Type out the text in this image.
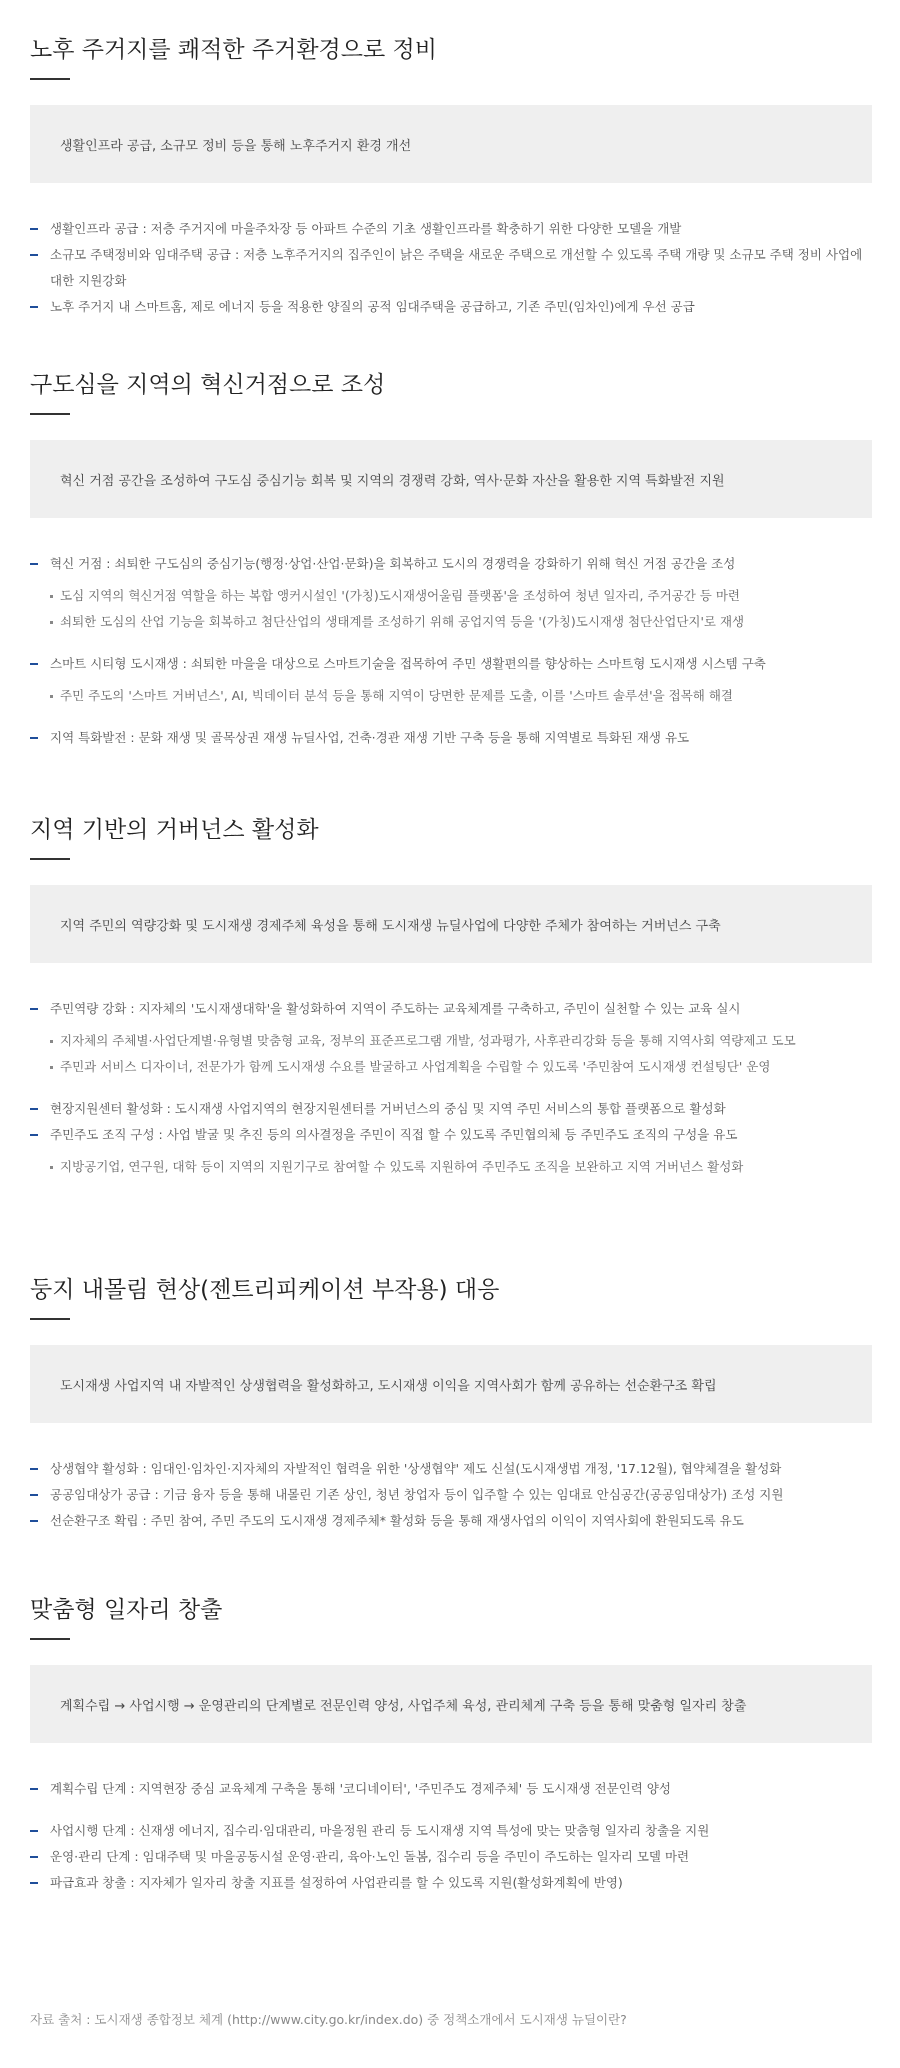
노후 주거지를 쾌적한 주거환경으로 정비
생활인프라 공급, 소규모 정비 등을 통해 노후주거지 환경 개선
생활인프라 공급 : 저층 주거지에 마을주차장 등 아파트 수준의 기초 생활인프라를 확충하기 위한 다양한 모델을 개발
소규모 주택정비와 임대주택 공급 : 저층 노후주거지의 집주인이 낡은 주택을 새로운 주택으로 개선할 수 있도록 주택 개량 및 소규모 주택 정비 사업에 대한 지원강화
노후 주거지 내 스마트홈, 제로 에너지 등을 적용한 양질의 공적 임대주택을 공급하고, 기존 주민(임차인)에게 우선 공급
구도심을 지역의 혁신거점으로 조성
혁신 거점 공간을 조성하여 구도심 중심기능 회복 및 지역의 경쟁력 강화, 역사·문화 자산을 활용한 지역 특화발전 지원
혁신 거점 : 쇠퇴한 구도심의 중심기능(행정·상업·산업·문화)을 회복하고 도시의 경쟁력을 강화하기 위해 혁신 거점 공간을 조성
도심 지역의 혁신거점 역할을 하는 복합 앵커시설인 '(가칭)도시재생어울림 플랫폼'을 조성하여 청년 일자리, 주거공간 등 마련
쇠퇴한 도심의 산업 기능을 회복하고 첨단산업의 생태계를 조성하기 위해 공업지역 등을 '(가칭)도시재생 첨단산업단지'로 재생
스마트 시티형 도시재생 : 쇠퇴한 마을을 대상으로 스마트기술을 접목하여 주민 생활편의를 향상하는 스마트형 도시재생 시스템 구축
주민 주도의 '스마트 거버넌스', AI, 빅데이터 분석 등을 통해 지역이 당면한 문제를 도출, 이를 '스마트 솔루션'을 접목해 해결
지역 특화발전 : 문화 재생 및 골목상권 재생 뉴딜사업, 건축·경관 재생 기반 구축 등을 통해 지역별로 특화된 재생 유도
지역 기반의 거버넌스 활성화
지역 주민의 역량강화 및 도시재생 경제주체 육성을 통해 도시재생 뉴딜사업에 다양한 주체가 참여하는 거버넌스 구축
주민역량 강화 : 지자체의 '도시재생대학'을 활성화하여 지역이 주도하는 교육체계를 구축하고, 주민이 실천할 수 있는 교육 실시
지자체의 주체별·사업단계별·유형별 맞춤형 교육, 정부의 표준프로그램 개발, 성과평가, 사후관리강화 등을 통해 지역사회 역량제고 도모
주민과 서비스 디자이너, 전문가가 함께 도시재생 수요를 발굴하고 사업계획을 수립할 수 있도록 '주민참여 도시재생 컨설팅단' 운영
현장지원센터 활성화 : 도시재생 사업지역의 현장지원센터를 거버넌스의 중심 및 지역 주민 서비스의 통합 플랫폼으로 활성화
주민주도 조직 구성 : 사업 발굴 및 추진 등의 의사결정을 주민이 직접 할 수 있도록 주민협의체 등 주민주도 조직의 구성을 유도
지방공기업, 연구원, 대학 등이 지역의 지원기구로 참여할 수 있도록 지원하여 주민주도 조직을 보완하고 지역 거버넌스 활성화
둥지 내몰림 현상(젠트리피케이션 부작용) 대응
도시재생 사업지역 내 자발적인 상생협력을 활성화하고, 도시재생 이익을 지역사회가 함께 공유하는 선순환구조 확립
상생협약 활성화 : 임대인·임차인·지자체의 자발적인 협력을 위한 '상생협약' 제도 신설(도시재생법 개정, '17.12월), 협약체결을 활성화
공공임대상가 공급 : 기금 융자 등을 통해 내몰린 기존 상인, 청년 창업자 등이 입주할 수 있는 임대료 안심공간(공공임대상가) 조성 지원
선순환구조 확립 : 주민 참여, 주민 주도의 도시재생 경제주체* 활성화 등을 통해 재생사업의 이익이 지역사회에 환원되도록 유도
맞춤형 일자리 창출
계획수립 → 사업시행 → 운영관리의 단계별로 전문인력 양성, 사업주체 육성, 관리체계 구축 등을 통해 맞춤형 일자리 창출
계획수립 단계 : 지역현장 중심 교육체계 구축을 통해 '코디네이터', '주민주도 경제주체' 등 도시재생 전문인력 양성
사업시행 단계 : 신재생 에너지, 집수리·임대관리, 마을정원 관리 등 도시재생 지역 특성에 맞는 맞춤형 일자리 창출을 지원
운영·관리 단계 : 임대주택 및 마을공동시설 운영·관리, 육아·노인 돌봄, 집수리 등을 주민이 주도하는 일자리 모델 마련
파급효과 창출 : 지자체가 일자리 창출 지표를 설정하여 사업관리를 할 수 있도록 지원(활성화계획에 반영)
자료 출처 : 도시재생 종합정보 체계 (http://www.city.go.kr/index.do) 중 정책소개에서 도시재생 뉴딜이란?
